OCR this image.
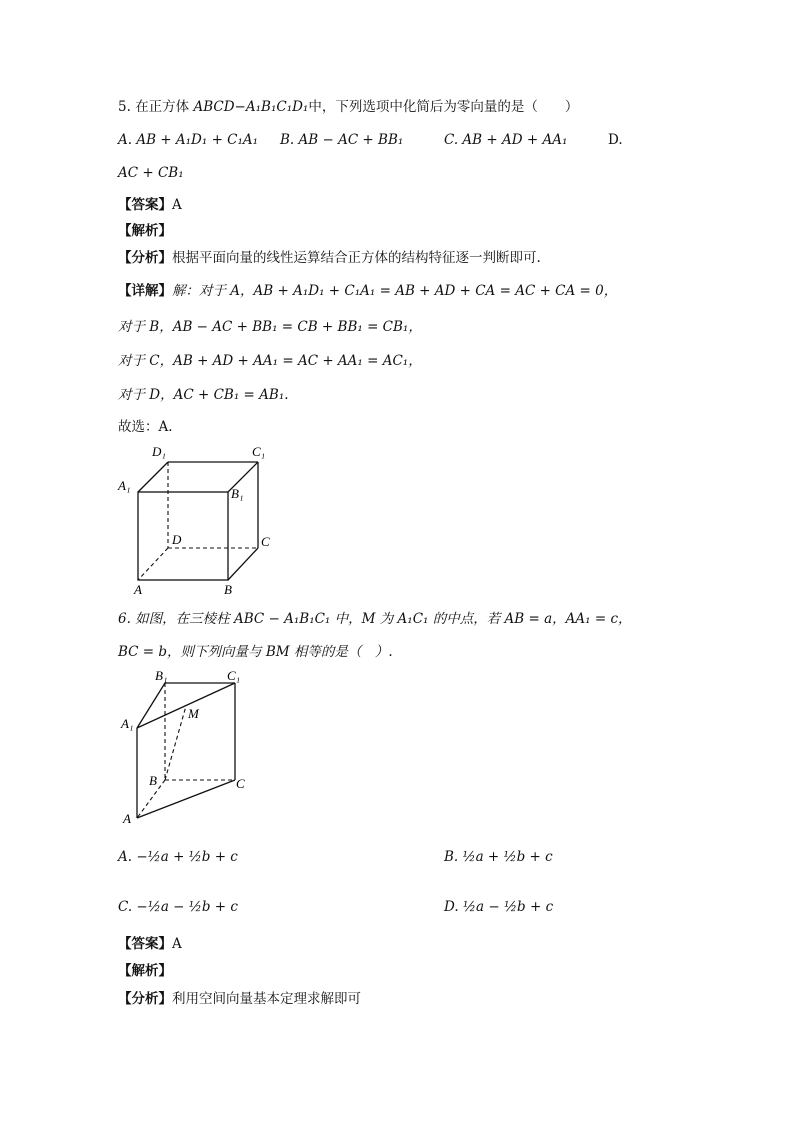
5. 在正方体 ABCD−A₁B₁C₁D₁中，下列选项中化简后为零向量的是（　　）
A. AB + A₁D₁ + C₁A₁ B. AB − AC + BB₁	C. AB + AD + AA₁	D.
AC + CB₁
【答案】A
【解析】
【分析】根据平面向量的线性运算结合正方体的结构特征逐一判断即可.
【详解】解：对于 A，AB + A₁D₁ + C₁A₁ = AB + AD + CA = AC + CA = 0，
对于 B，AB − AC + BB₁ = CB + BB₁ = CB₁，
对于 C，AB + AD + AA₁ = AC + AA₁ = AC₁，
对于 D，AC + CB₁ = AB₁.
故选：A.
D₁	C₁
A₁
B₁
D	C
A	B
6. 如图，在三棱柱 ABC − A₁B₁C₁ 中，M 为 A₁C₁ 的中点，若 AB = a，AA₁ = c，
BC = b，则下列向量与 BM 相等的是（　）.
B₁	C₁
A₁
M
B	C
A
A. −½a + ½b + c	B. ½a + ½b + c
C. −½a − ½b + c	D. ½a − ½b + c
【答案】A
【解析】
【分析】利用空间向量基本定理求解即可
